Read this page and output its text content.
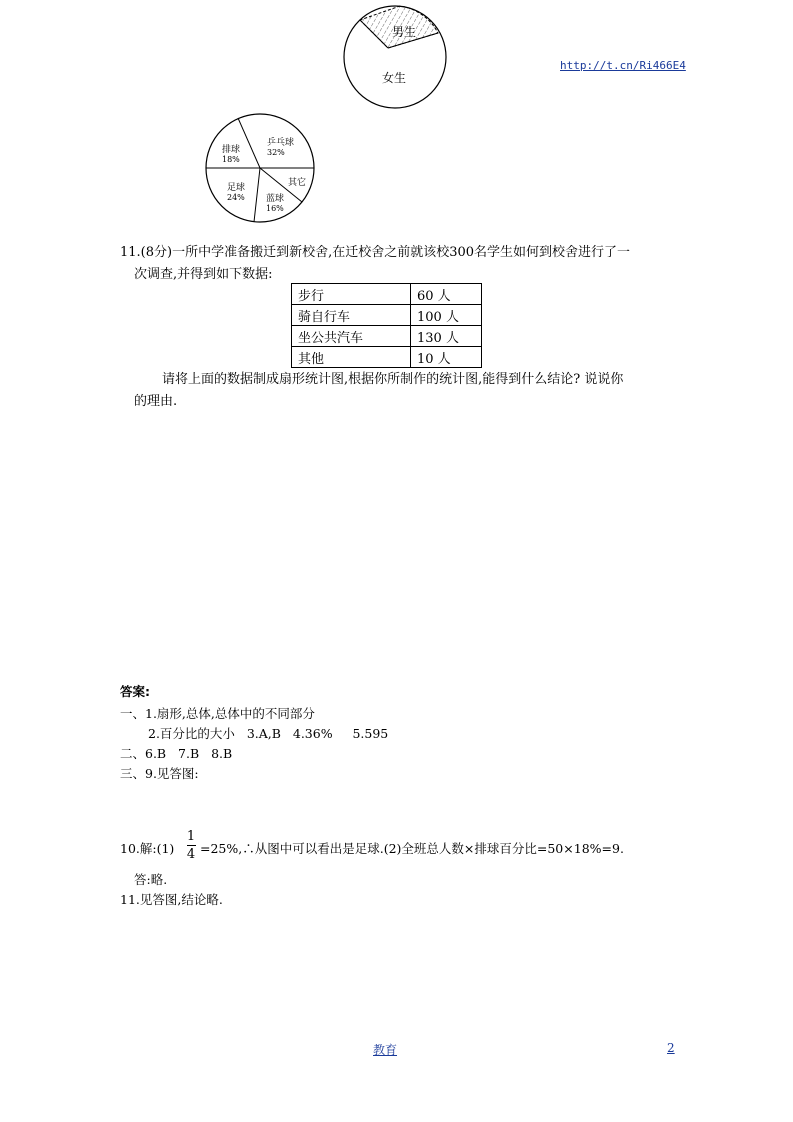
http://t.cn/Ri466E4
男生
女生
排球
18%
乒乓球
32%
其它
蓝球
16%
足球
24%
11.(8分)一所中学准备搬迁到新校舍,在迁校舍之前就该校300名学生如何到校舍进行了一
次调查,并得到如下数据:
步行	60 人
骑自行车	100 人
坐公共汽车	130 人
其他	10 人
请将上面的数据制成扇形统计图,根据你所制作的统计图,能得到什么结论? 说说你
的理由.
答案:
一、1.扇形,总体,总体中的不同部分
2.百分比的大小   3.A,B   4.36%     5.595
二、6.B   7.B   8.B
三、9.见答图:
10.解:(1)
1
4 =25%,∴从图中可以看出是足球.(2)全班总人数×排球百分比=50×18%=9.
答:略.
11.见答图,结论略.
教育	2
